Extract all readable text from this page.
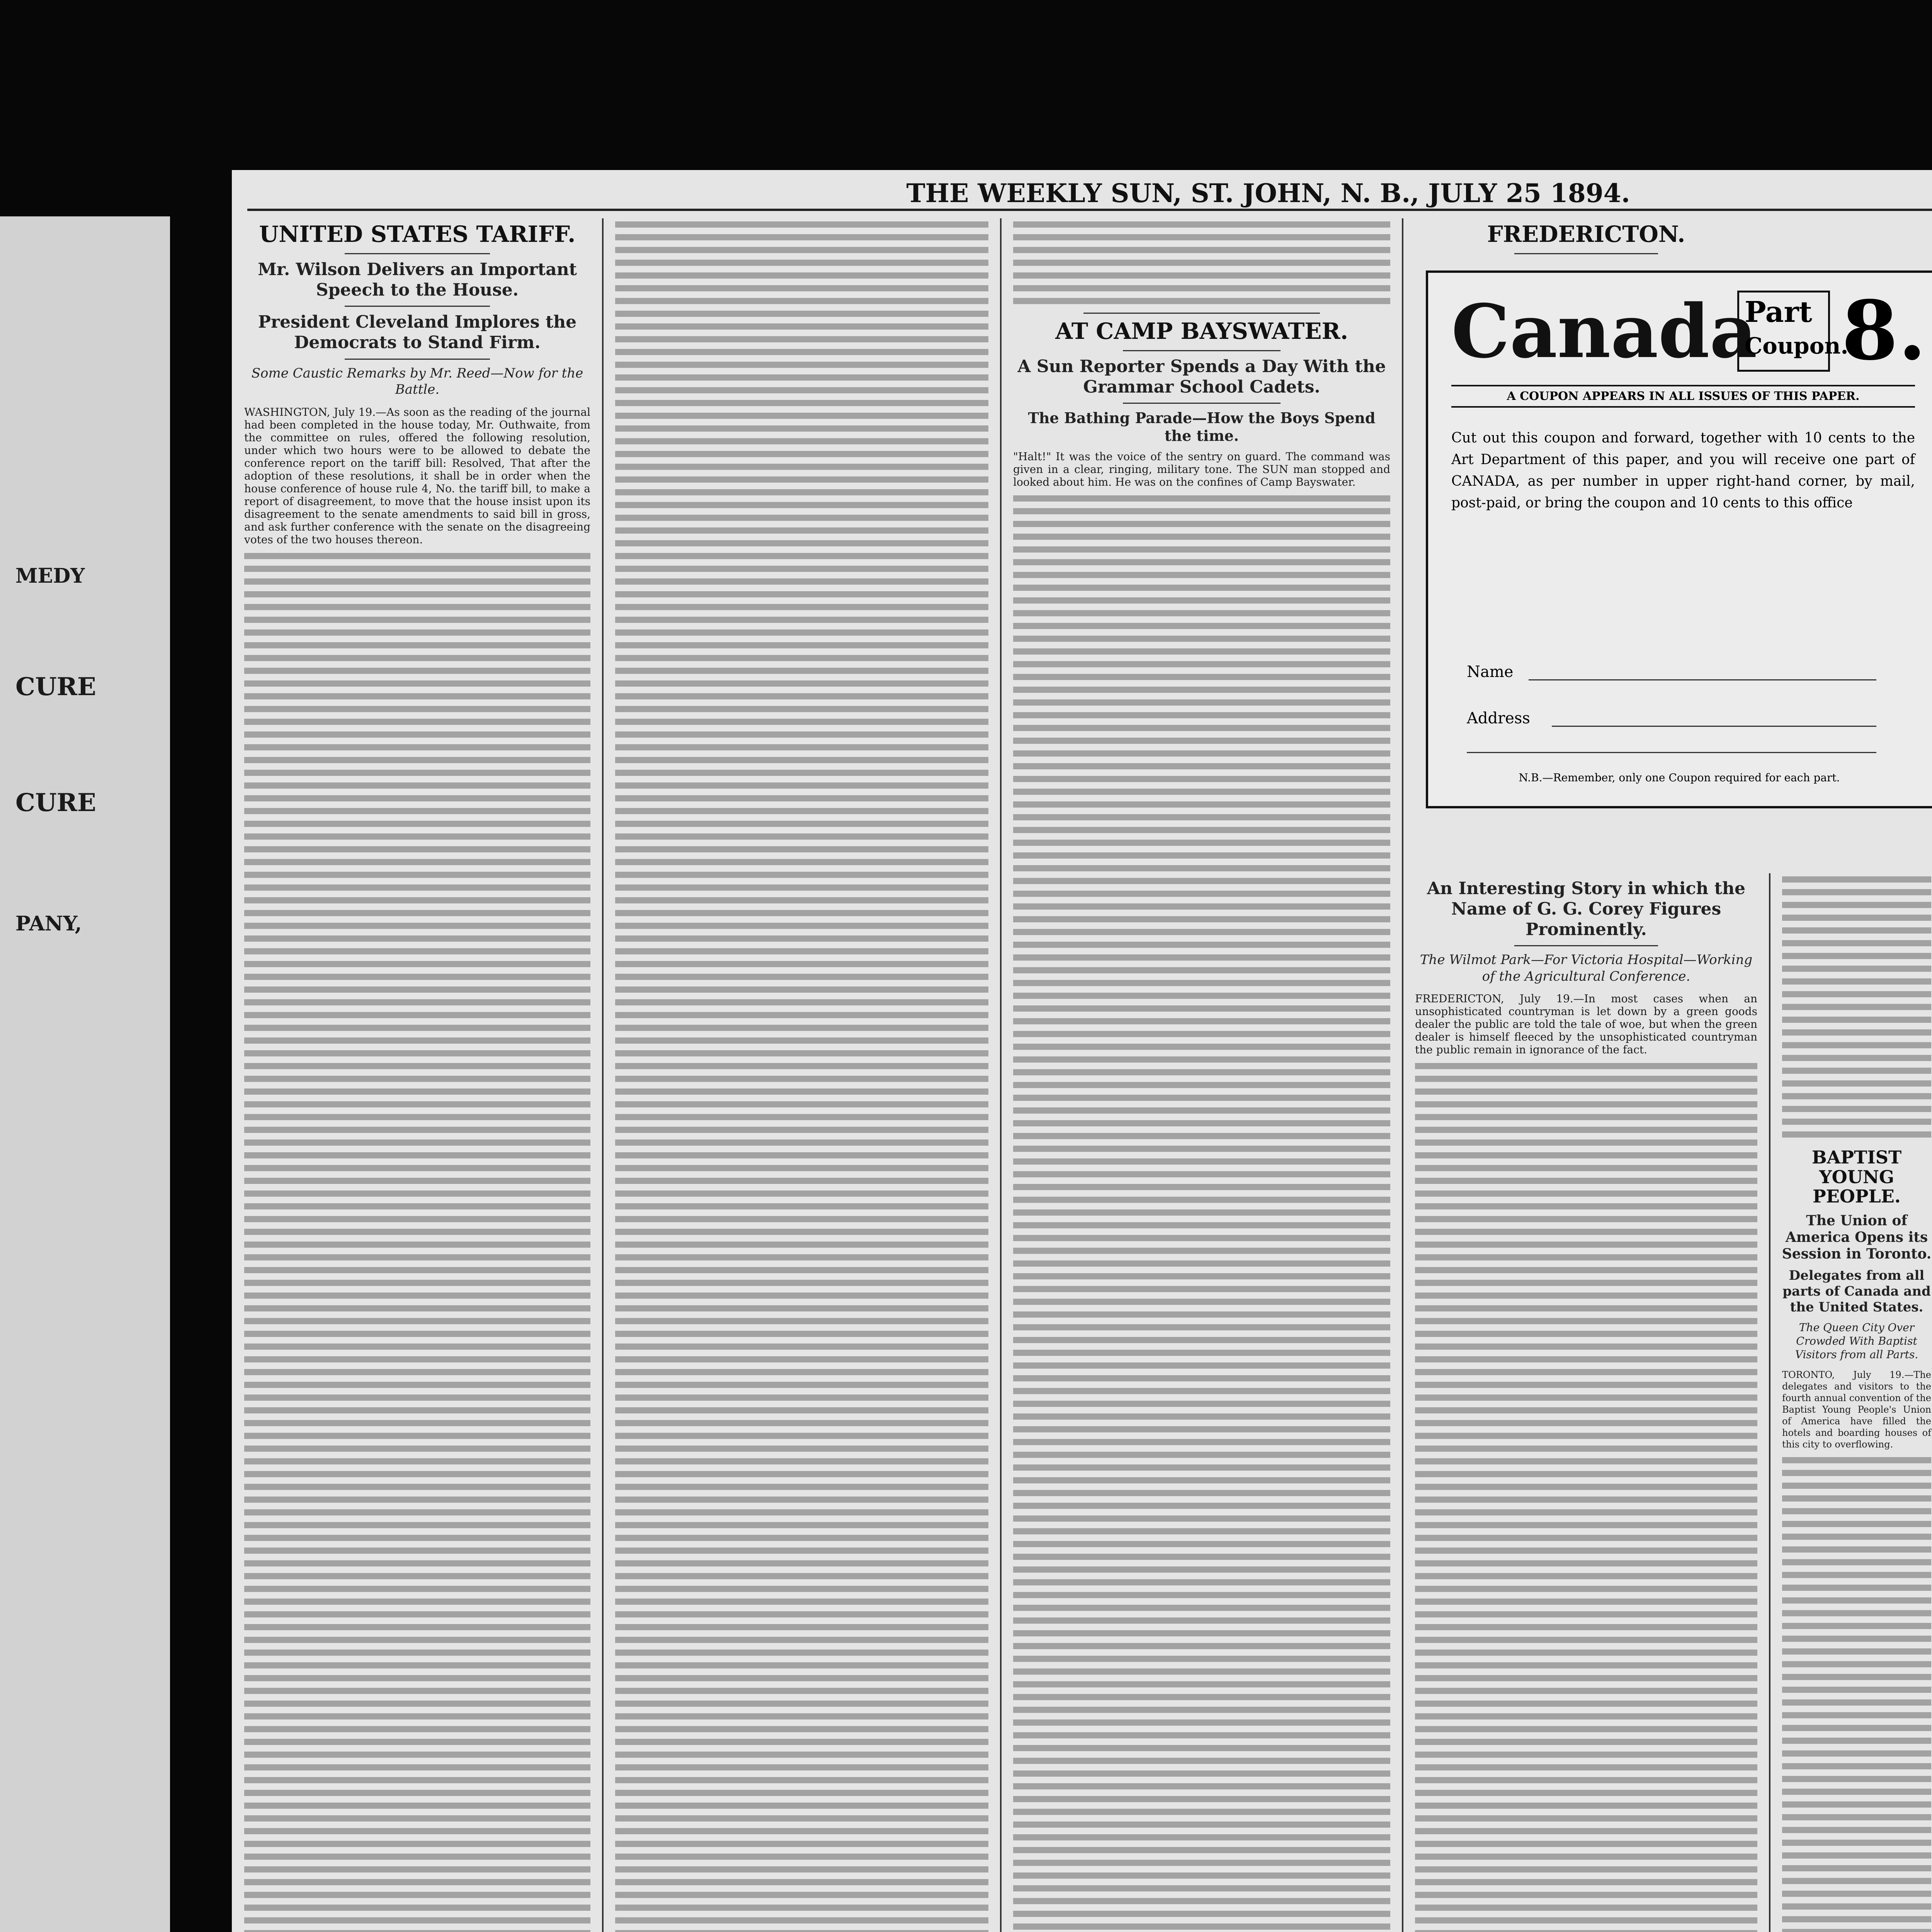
MEDY
CURE
CURE
PANY,
THE WEEKLY SUN, ST. JOHN, N. B., JULY 25 1894.
UNITED STATES TARIFF.
Mr. Wilson Delivers an Important Speech to the House.
President Cleveland Implores the Democrats to Stand Firm.
Some Caustic Remarks by Mr. Reed—Now for the Battle.
WASHINGTON, July 19.—As soon as the reading of the journal had been completed in the house today, Mr. Outhwaite, from the committee on rules, offered the following resolution, under which two hours were to be allowed to debate the conference report on the tariff bill: Resolved, That after the adoption of these resolutions, it shall be in order when the house conference of house rule 4, No. the tariff bill, to make a report of disagreement, to move that the house insist upon its disagreement to the senate amendments to said bill in gross, and ask further conference with the senate on the disagreeing votes of the two houses thereon.
AT CAMP BAYSWATER.
A Sun Reporter Spends a Day With the Grammar School Cadets.
The Bathing Parade—How the Boys Spend the time.
"Halt!" It was the voice of the sentry on guard. The command was given in a clear, ringing, military tone. The SUN man stopped and looked about him. He was on the confines of Camp Bayswater.
FREDERICTON.
Canada
Part
Coupon.
8.
A COUPON APPEARS IN ALL ISSUES OF THIS PAPER.
Cut out this coupon and forward, together with 10 cents to the Art Department of this paper, and you will receive one part of CANADA, as per number in upper right-hand corner, by mail, post-paid, or bring the coupon and 10 cents to this office
Name
Address
N.B.—Remember, only one Coupon required for each part.
An Interesting Story in which the Name of G. G. Corey Figures Prominently.
The Wilmot Park—For Victoria Hospital—Working of the Agricultural Conference.
FREDERICTON, July 19.—In most cases when an unsophisticated countryman is let down by a green goods dealer the public are told the tale of woe, but when the green dealer is himself fleeced by the unsophisticated countryman the public remain in ignorance of the fact.
BAPTIST YOUNG PEOPLE.
The Union of America Opens its Session in Toronto.
Delegates from all parts of Canada and the United States.
The Queen City Over Crowded With Baptist Visitors from all Parts.
TORONTO, July 19.—The delegates and visitors to the fourth annual convention of the Baptist Young People's Union of America have filled the hotels and boarding houses of this city to overflowing.
